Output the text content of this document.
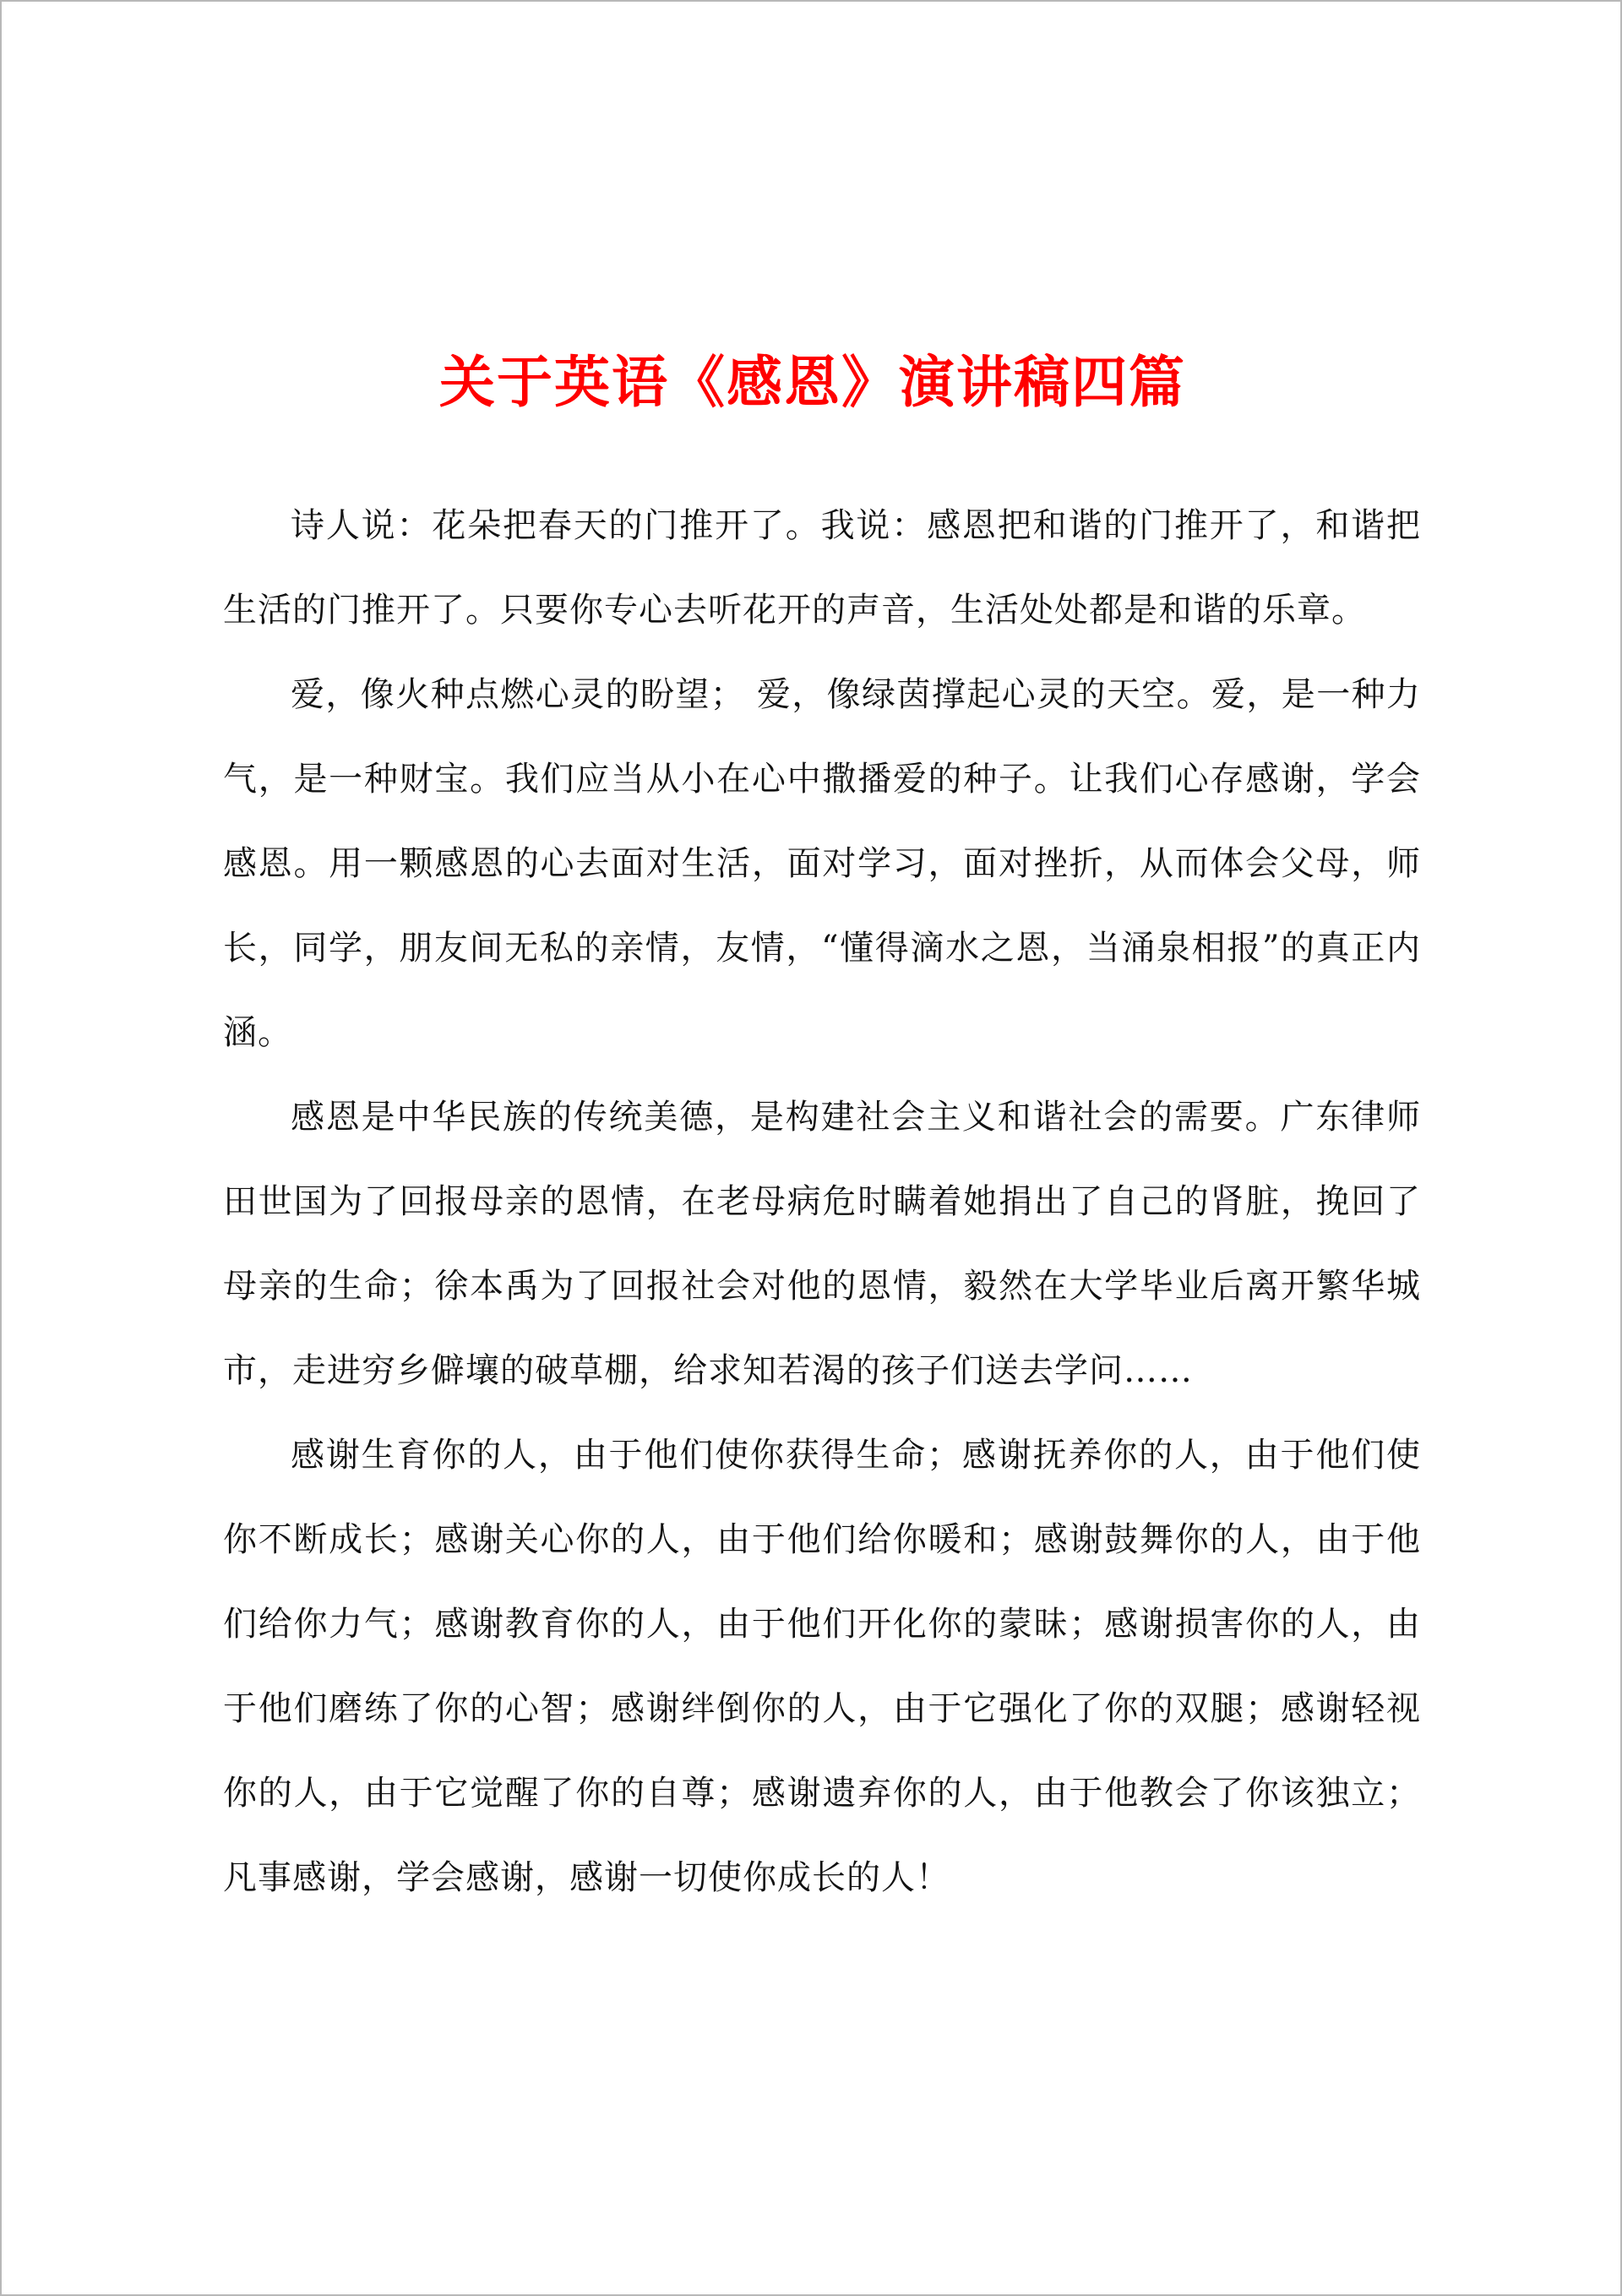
关于英语《感恩》演讲稿四篇

诗人说：花朵把春天的门推开了。我说：感恩把和谐的门推开了，和谐把生活的门推开了。只要你专心去听花开的声音，生活处处都是和谐的乐章。

爱，像火种点燃心灵的盼望； 爱，像绿茵撑起心灵的天空。爱，是一种力气，是一种财宝。我们应当从小在心中撒播爱的种子。让我们心存感谢，学会感恩。用一颗感恩的心去面对生活，面对学习，面对挫折，从而体会父母，师长，同学，朋友间无私的亲情，友情，“懂得滴水之恩，当涌泉相报”的真正内涵。

感恩是中华民族的传统美德，是构建社会主义和谐社会的需要。广东律师田世国为了回报母亲的恩情，在老母病危时瞒着她捐出了自己的肾脏，挽回了母亲的生命；徐本禹为了回报社会对他的恩情，毅然在大学毕业后离开繁华城市，走进穷乡僻壤的破草棚，给求知若渴的孩子们送去学问……

感谢生育你的人，由于他们使你获得生命；感谢抚养你的人，由于他们使你不断成长；感谢关心你的人，由于他们给你暖和；感谢鼓舞你的人，由于他们给你力气；感谢教育你的人，由于他们开化你的蒙昧；感谢损害你的人，由于他们磨练了你的心智；感谢绊倒你的人，由于它强化了你的双腿；感谢轻视你的人，由于它觉醒了你的自尊；感谢遗弃你的人，由于他教会了你该独立；凡事感谢，学会感谢，感谢一切使你成长的人！
